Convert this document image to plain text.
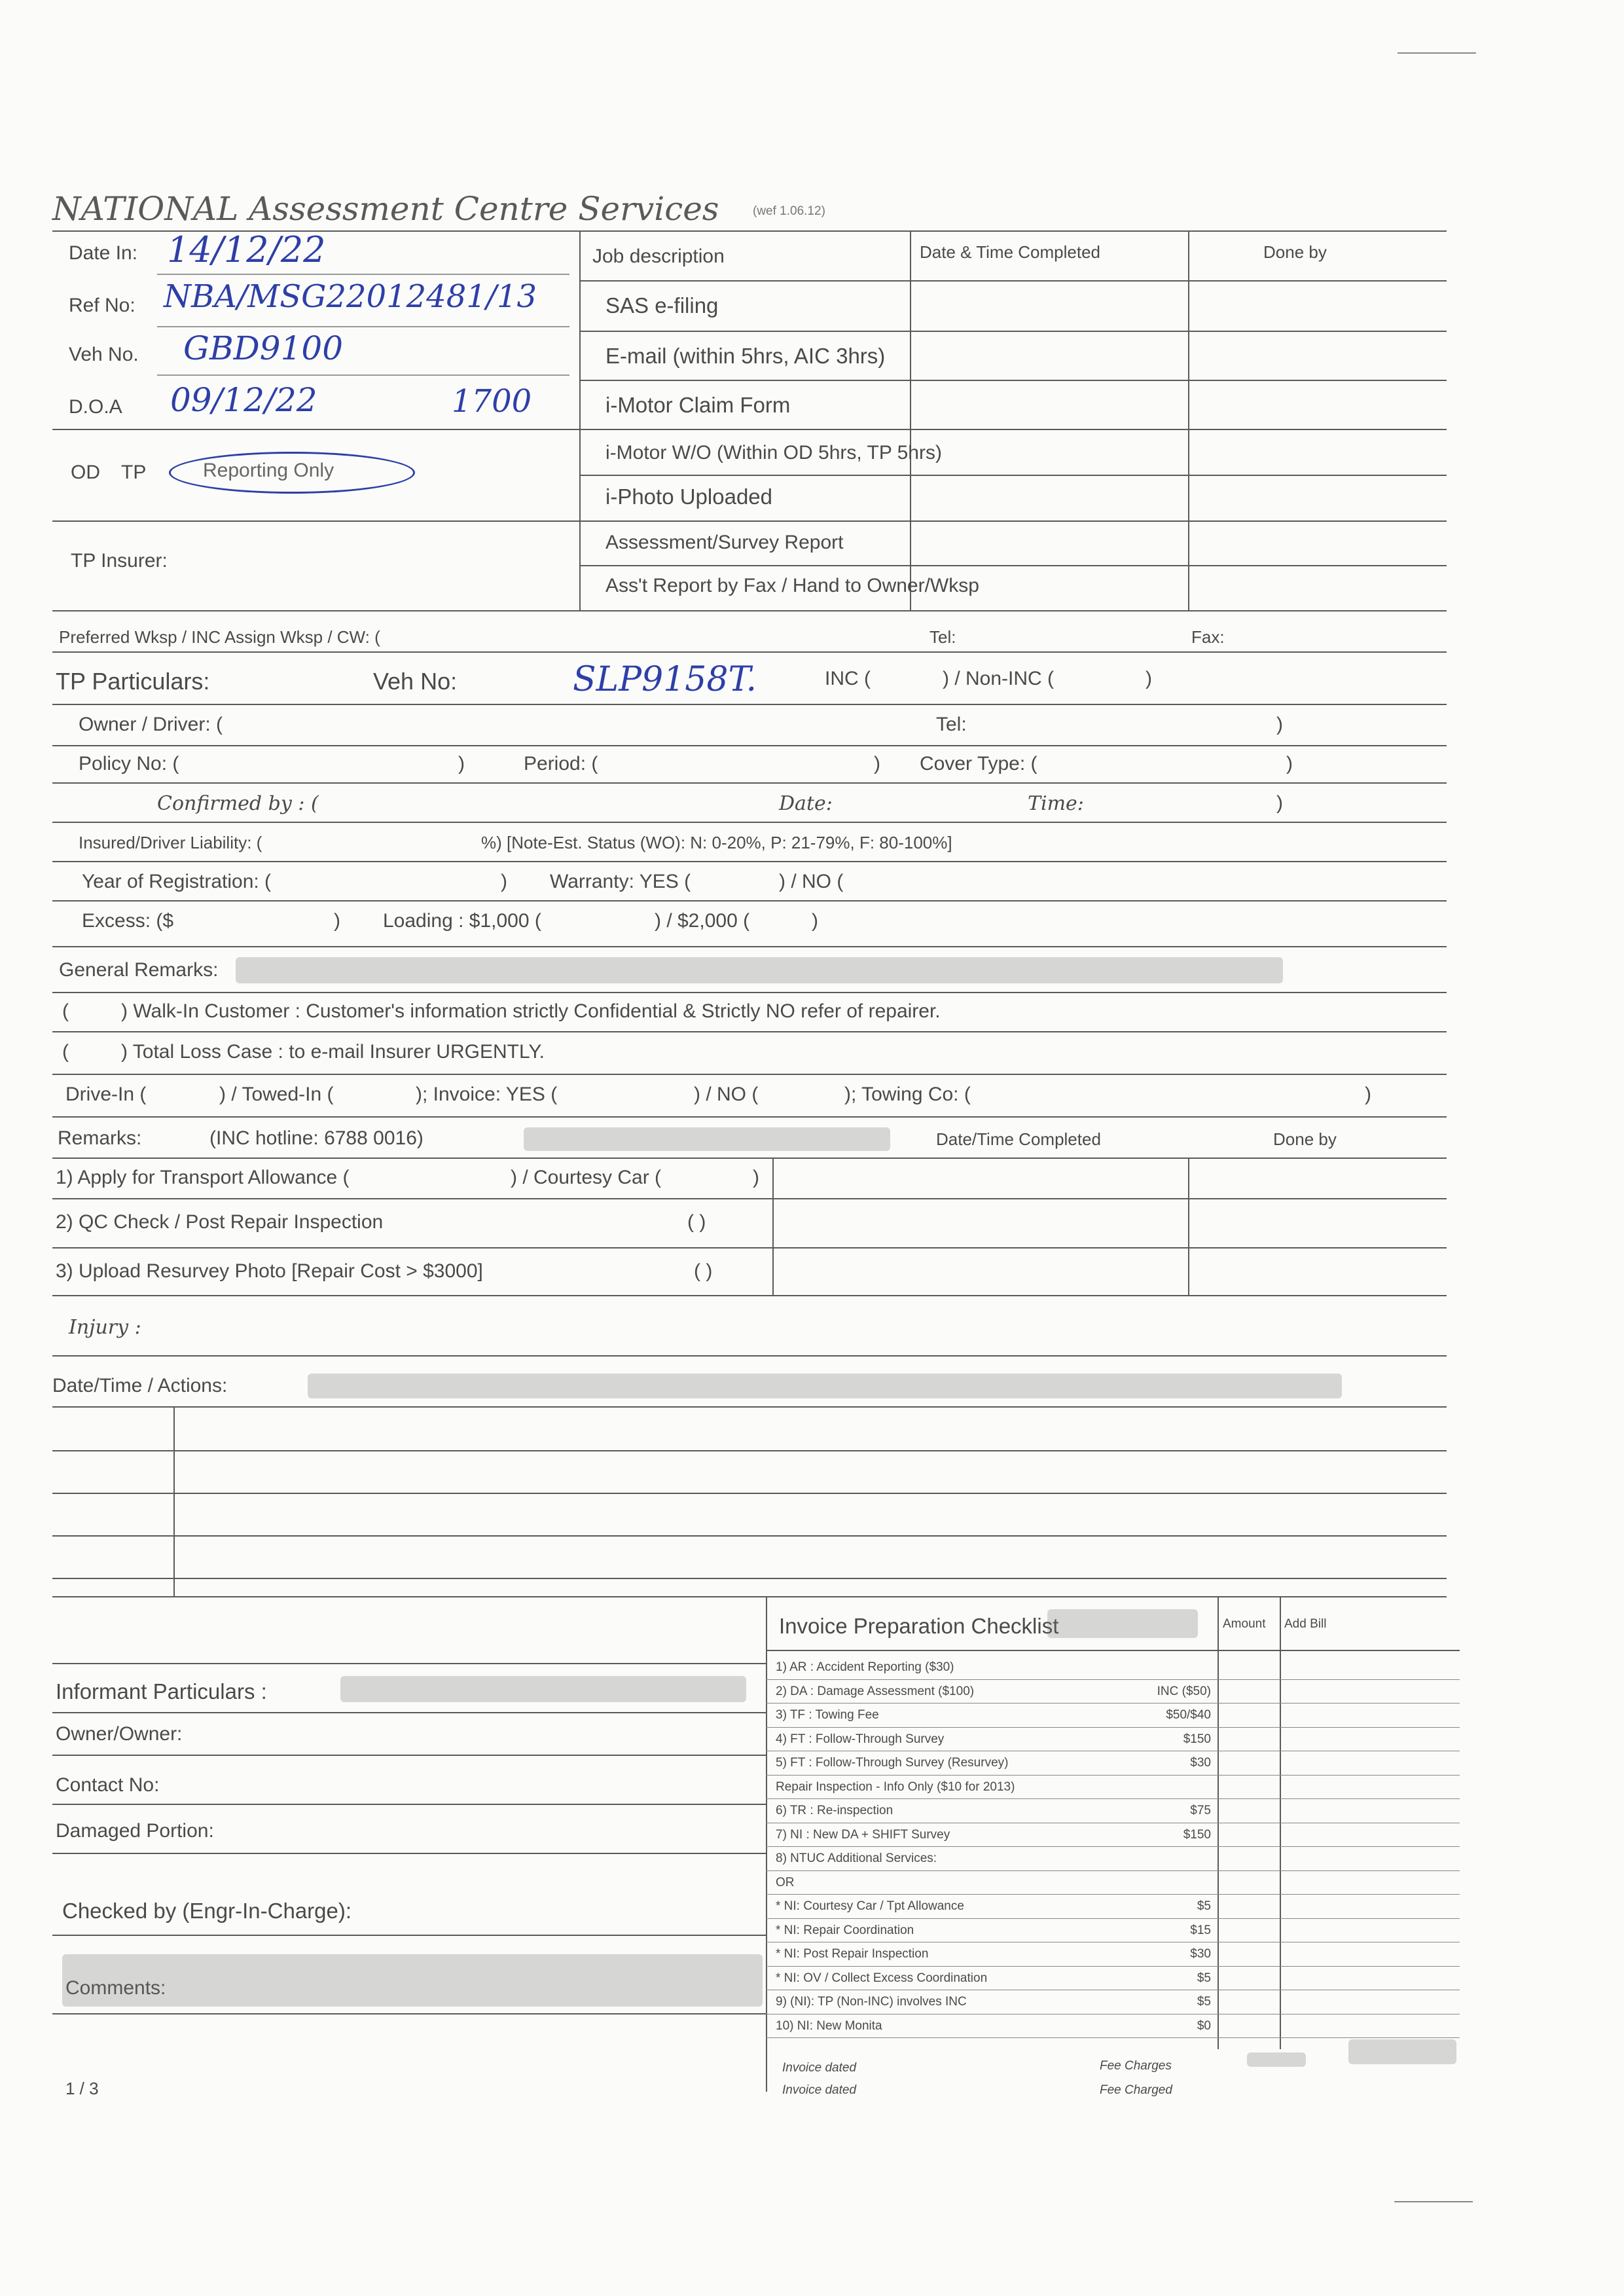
NATIONAL Assessment Centre Services	(wef 1.06.12)
Date In: 14/12/22
Ref No: NBA/MSG22012481/13
Veh No. GBD9100
D.O.A 09/12/22	1700
OD TP	Reporting Only
TP Insurer:
Job description	Date & Time Completed	Done by
SAS e-filing
E-mail (within 5hrs, AIC 3hrs)
i-Motor Claim Form
i-Motor W/O (Within OD 5hrs, TP 5hrs)
i-Photo Uploaded
Assessment/Survey Report
Ass't Report by Fax / Hand to Owner/Wksp
Preferred Wksp / INC Assign Wksp / CW: (	Tel:	Fax:
TP Particulars:	Veh No:	SLP9158T.	INC (	) / Non-INC (	)
Owner / Driver: (	Tel:	)
Policy No: (	)	Period: (	) Cover Type: (	)
Confirmed by : (	Date:	Time:	)
Insured/Driver Liability: (	%) [Note-Est. Status (WO): N: 0-20%, P: 21-79%, F: 80-100%]
Year of Registration: (	) Warranty: YES (	) / NO (
Excess: ($	) Loading : $1,000 (	) / $2,000 (	)
General Remarks:
(	) Walk-In Customer : Customer's information strictly Confidential & Strictly NO refer of repairer.
(	) Total Loss Case : to e-mail Insurer URGENTLY.
Drive-In (	) / Towed-In (	); Invoice: YES (	) / NO (	); Towing Co: (	)
Remarks:	(INC hotline: 6788 0016)	Date/Time Completed	Done by
1) Apply for Transport Allowance (	) / Courtesy Car (	)
2) QC Check / Post Repair Inspection	( )
3) Upload Resurvey Photo [Repair Cost > $3000]	( )
Injury :
Date/Time / Actions:
Informant Particulars :
Owner/Owner:
Contact No:
Damaged Portion:
Checked by (Engr-In-Charge):
Comments:
1 / 3
Invoice Preparation Checklist	Amount Add Bill
1) AR : Accident Reporting ($30)
2) DA : Damage Assessment ($100)	INC ($50)
3) TF : Towing Fee	$50/$40
4) FT : Follow-Through Survey	$150
5) FT : Follow-Through Survey (Resurvey)	$30
Repair Inspection - Info Only ($10 for 2013)
6) TR : Re-inspection	$75
7) NI : New DA + SHIFT Survey	$150
8) NTUC Additional Services:
OR
* NI: Courtesy Car / Tpt Allowance	$5
* NI: Repair Coordination	$15
* NI: Post Repair Inspection	$30
* NI: OV / Collect Excess Coordination	$5
9) (NI): TP (Non-INC) involves INC	$5
10) NI: New Monita	$0
Invoice dated	Fee Charges
Invoice dated	Fee Charged
